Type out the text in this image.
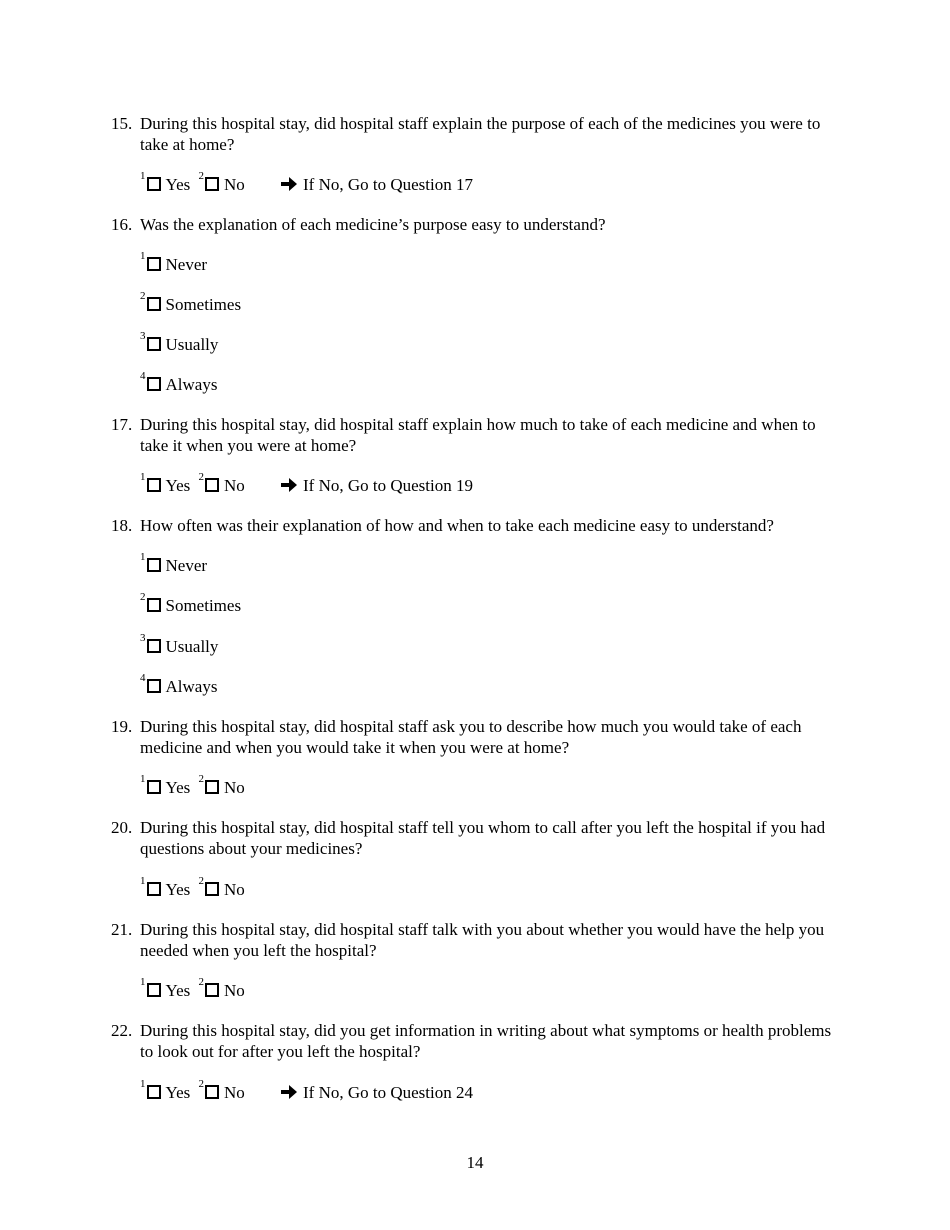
15. During this hospital stay, did hospital staff explain the purpose of each of the medicines you were to take at home?
$^1$ Yes $^2$ No	If No, Go to Question 17
16. Was the explanation of each medicine’s purpose easy to understand?
$^1$ Never
$^2$ Sometimes
$^3$ Usually
$^4$ Always
17. During this hospital stay, did hospital staff explain how much to take of each medicine and when to take it when you were at home?
$^1$ Yes $^2$ No	If No, Go to Question 19
18. How often was their explanation of how and when to take each medicine easy to understand?
$^1$ Never
$^2$ Sometimes
$^3$ Usually
$^4$ Always
19. During this hospital stay, did hospital staff ask you to describe how much you would take of each medicine and when you would take it when you were at home?
$^1$ Yes $^2$ No
20. During this hospital stay, did hospital staff tell you whom to call after you left the hospital if you had questions about your medicines?
$^1$ Yes $^2$ No
21. During this hospital stay, did hospital staff talk with you about whether you would have the help you needed when you left the hospital?
$^1$ Yes $^2$ No
22. During this hospital stay, did you get information in writing about what symptoms or health problems to look out for after you left the hospital?
$^1$ Yes $^2$ No	If No, Go to Question 24
14
